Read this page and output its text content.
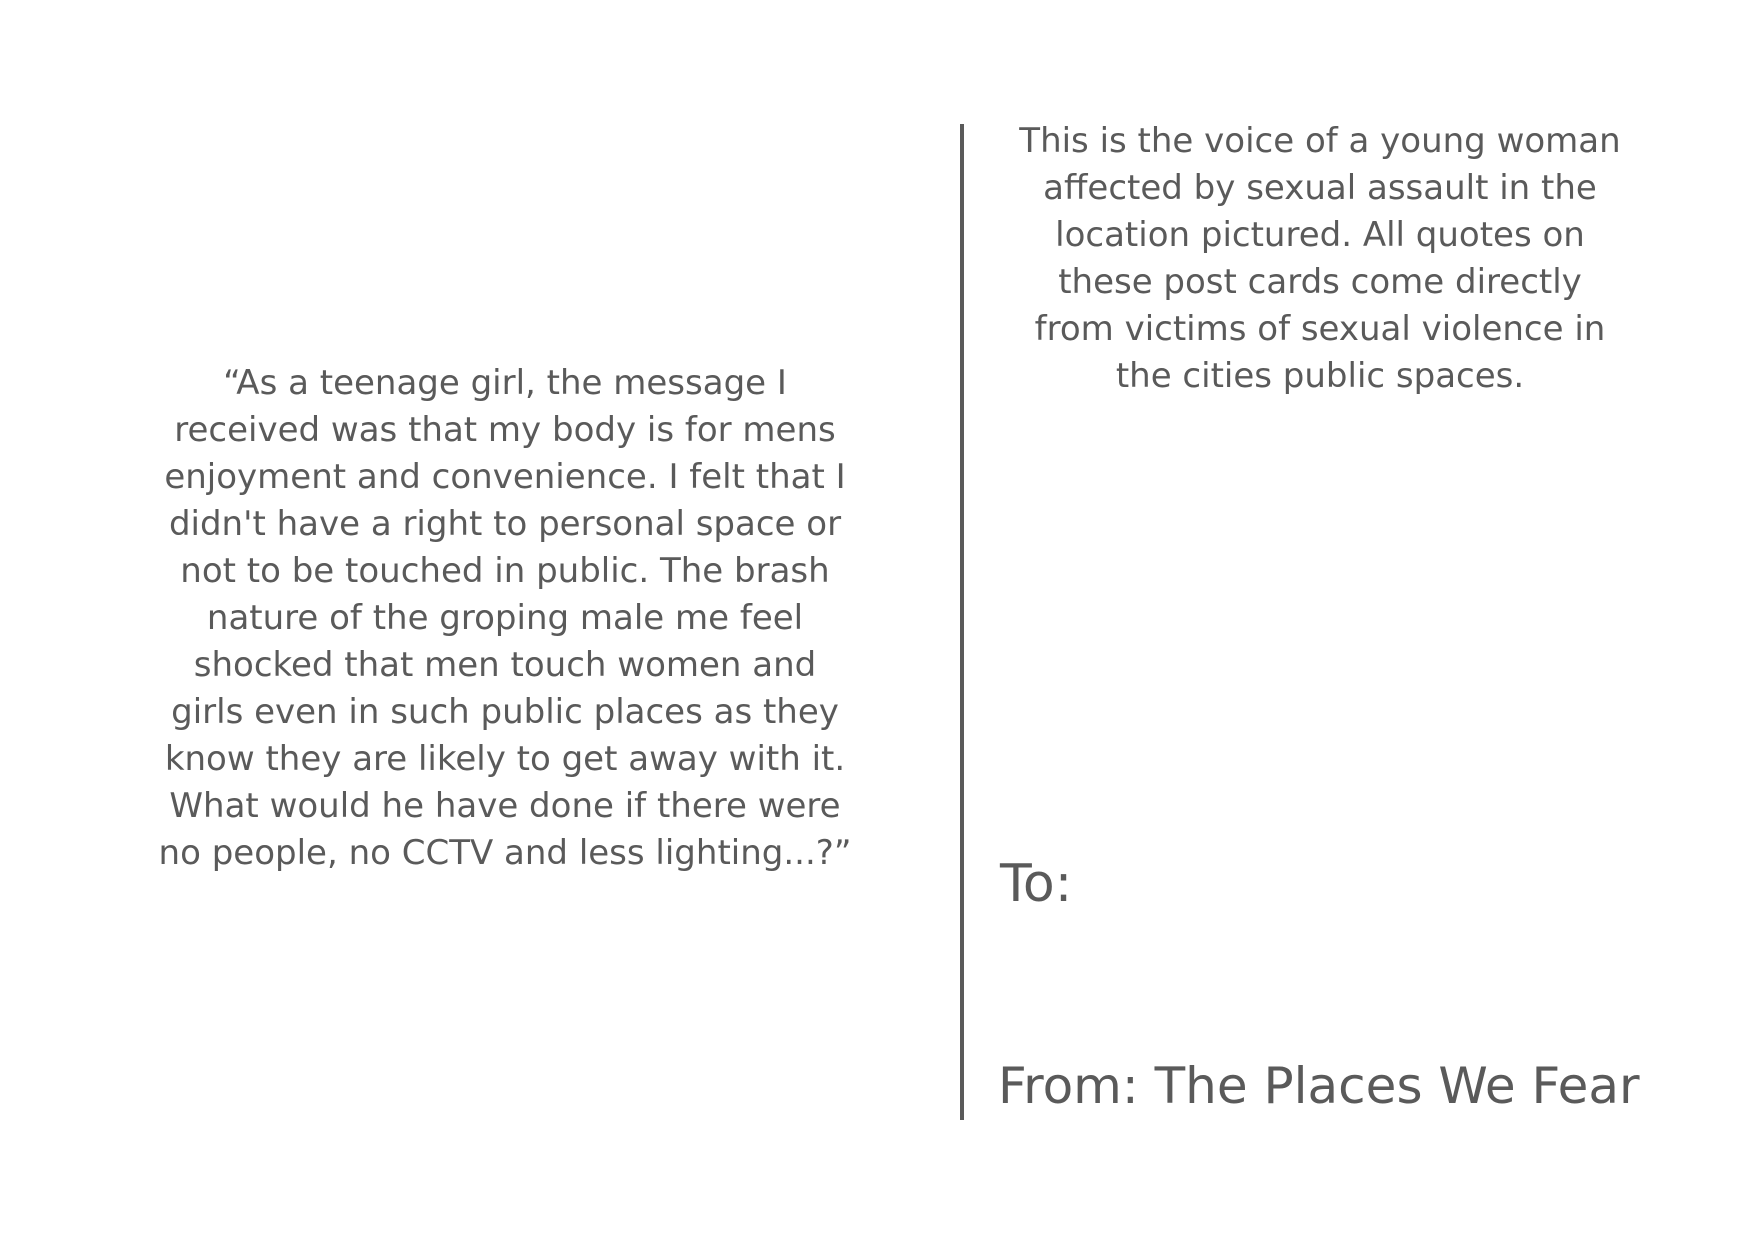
“As a teenage girl, the message I
received was that my body is for mens
enjoyment and convenience. I felt that I
didn't have a right to personal space or
not to be touched in public. The brash
nature of the groping male me feel
shocked that men touch women and
girls even in such public places as they
know they are likely to get away with it.
What would he have done if there were
no people, no CCTV and less lighting...?”

This is the voice of a young woman
affected by sexual assault in the
location pictured. All quotes on
these post cards come directly
from victims of sexual violence in
the cities public spaces.

To:

From: The Places We Fear
